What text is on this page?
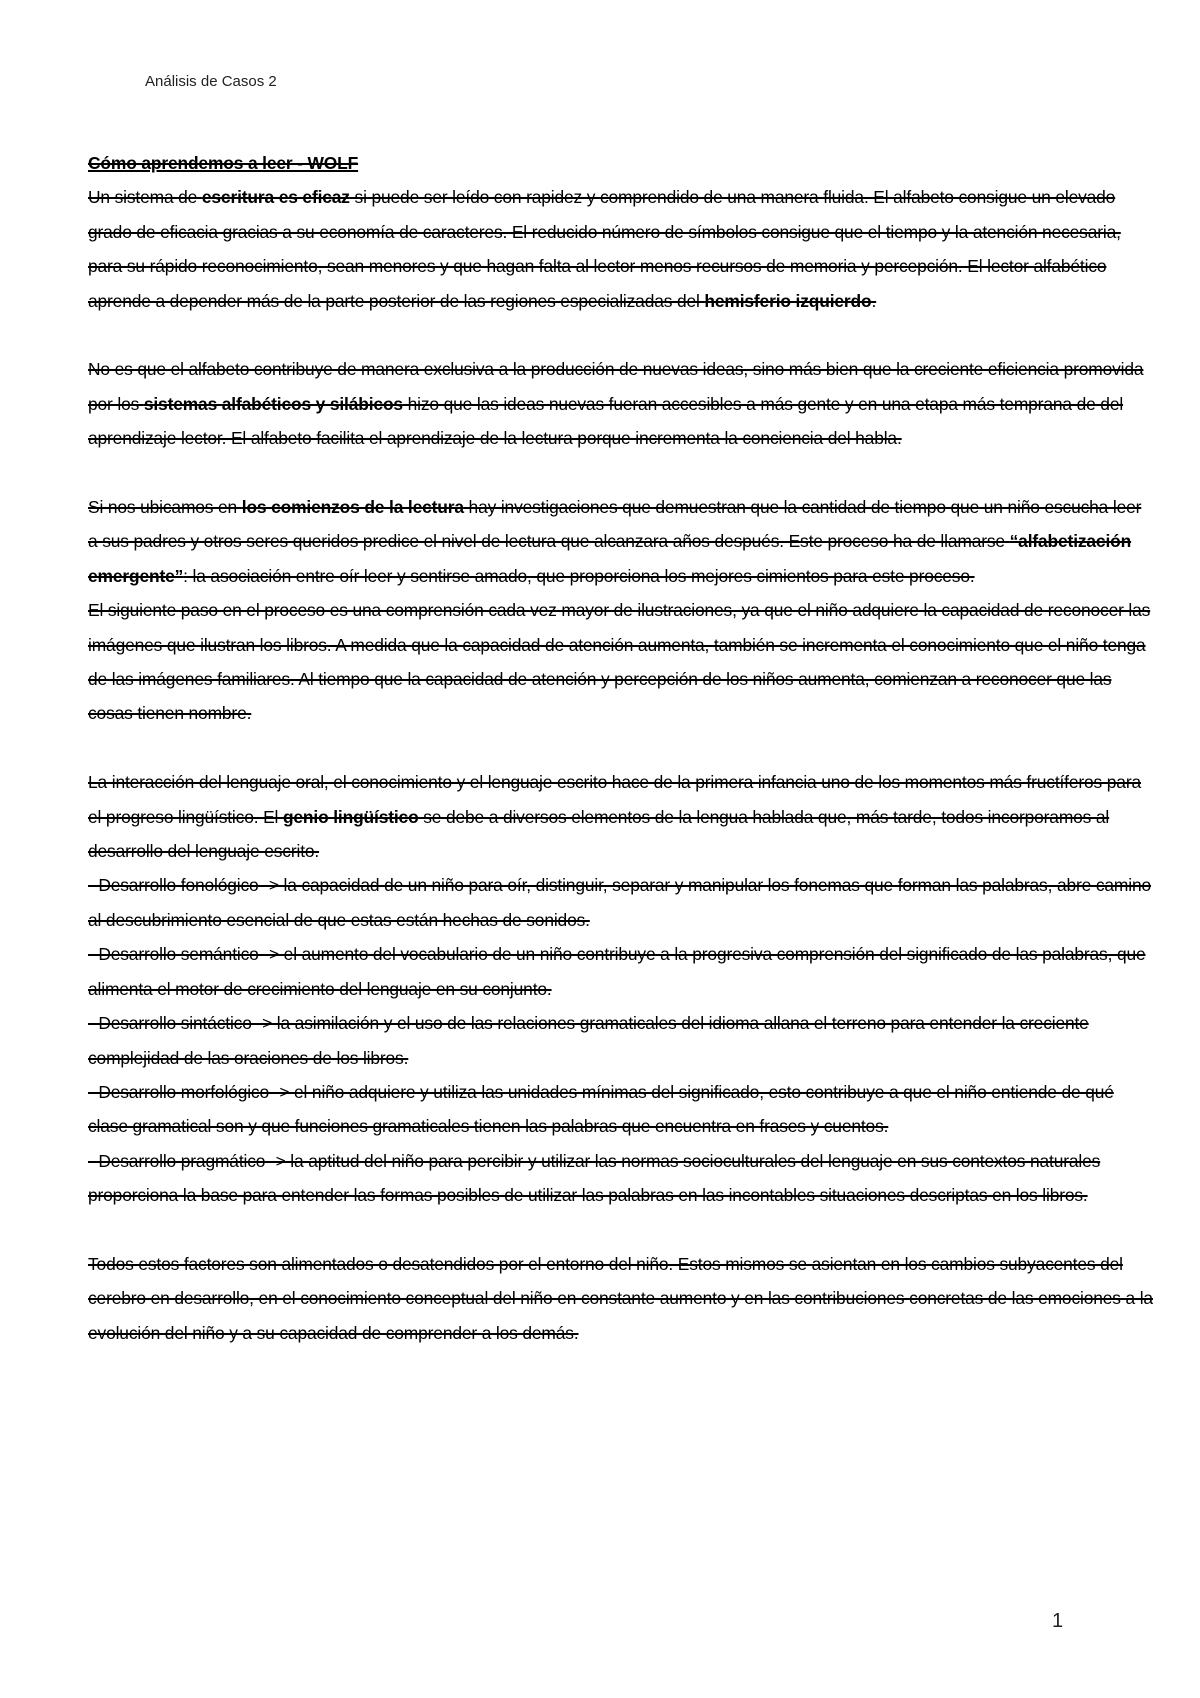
Análisis de Casos 2

Cómo aprendemos a leer - WOLF

Un sistema de escritura es eficaz si puede ser leído con rapidez y comprendido de una manera fluida. El alfabeto consigue un elevado grado de eficacia gracias a su economía de caracteres. El reducido número de símbolos consigue que el tiempo y la atención necesaria, para su rápido reconocimiento, sean menores y que hagan falta al lector menos recursos de memoria y percepción. El lector alfabético aprende a depender más de la parte posterior de las regiones especializadas del hemisferio izquierdo.

No es que el alfabeto contribuye de manera exclusiva a la producción de nuevas ideas, sino más bien que la creciente eficiencia promovida por los sistemas alfabéticos y silábicos hizo que las ideas nuevas fueran accesibles a más gente y en una etapa más temprana de del aprendizaje lector. El alfabeto facilita el aprendizaje de la lectura porque incrementa la conciencia del habla.

Si nos ubicamos en los comienzos de la lectura hay investigaciones que demuestran que la cantidad de tiempo que un niño escucha leer a sus padres y otros seres queridos predice el nivel de lectura que alcanzara años después. Este proceso ha de llamarse “alfabetización emergente”: la asociación entre oír leer y sentirse amado, que proporciona los mejores cimientos para este proceso.

El siguiente paso en el proceso es una comprensión cada vez mayor de ilustraciones, ya que el niño adquiere la capacidad de reconocer las imágenes que ilustran los libros. A medida que la capacidad de atención aumenta, también se incrementa el conocimiento que el niño tenga de las imágenes familiares. Al tiempo que la capacidad de atención y percepción de los niños aumenta, comienzan a reconocer que las cosas tienen nombre.

La interacción del lenguaje oral, el conocimiento y el lenguaje escrito hace de la primera infancia uno de los momentos más fructíferos para el progreso lingüístico. El genio lingüístico se debe a diversos elementos de la lengua hablada que, más tarde, todos incorporamos al desarrollo del lenguaje escrito.

- Desarrollo fonológico -> la capacidad de un niño para oír, distinguir, separar y manipular los fonemas que forman las palabras, abre camino al descubrimiento esencial de que estas están hechas de sonidos.

- Desarrollo semántico -> el aumento del vocabulario de un niño contribuye a la progresiva comprensión del significado de las palabras, que alimenta el motor de crecimiento del lenguaje en su conjunto.

- Desarrollo sintáctico -> la asimilación y el uso de las relaciones gramaticales del idioma allana el terreno para entender la creciente complejidad de las oraciones de los libros.

- Desarrollo morfológico -> el niño adquiere y utiliza las unidades mínimas del significado, esto contribuye a que el niño entiende de qué clase gramatical son y que funciones gramaticales tienen las palabras que encuentra en frases y cuentos.

- Desarrollo pragmático -> la aptitud del niño para percibir y utilizar las normas socioculturales del lenguaje en sus contextos naturales proporciona la base para entender las formas posibles de utilizar las palabras en las incontables situaciones descriptas en los libros.

Todos estos factores son alimentados o desatendidos por el entorno del niño. Estos mismos se asientan en los cambios subyacentes del cerebro en desarrollo, en el conocimiento conceptual del niño en constante aumento y en las contribuciones concretas de las emociones a la evolución del niño y a su capacidad de comprender a los demás.

1
